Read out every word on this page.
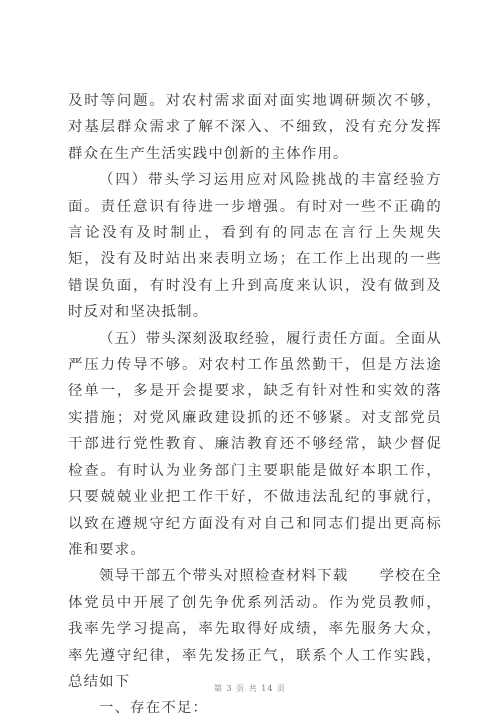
及时等问题。对农村需求面对面实地调研频次不够，对基层群众需求了解不深入、不细致，没有充分发挥群众在生产生活实践中创新的主体作用。

（四）带头学习运用应对风险挑战的丰富经验方面。责任意识有待进一步增强。有时对一些不正确的言论没有及时制止，看到有的同志在言行上失规失矩，没有及时站出来表明立场；在工作上出现的一些错误负面，有时没有上升到高度来认识，没有做到及时反对和坚决抵制。

（五）带头深刻汲取经验，履行责任方面。全面从严压力传导不够。对农村工作虽然勤干，但是方法途径单一，多是开会提要求，缺乏有针对性和实效的落实措施；对党风廉政建设抓的还不够紧。对支部党员干部进行党性教育、廉洁教育还不够经常，缺少督促检查。有时认为业务部门主要职能是做好本职工作，只要兢兢业业把工作干好，不做违法乱纪的事就行，以致在遵规守纪方面没有对自己和同志们提出更高标准和要求。

领导干部五个带头对照检查材料下载　　学校在全体党员中开展了创先争优系列活动。作为党员教师，我率先学习提高，率先取得好成绩，率先服务大众，率先遵守纪律，率先发扬正气，联系个人工作实践，总结如下

一、存在不足：

第 3 页 共 14 页
